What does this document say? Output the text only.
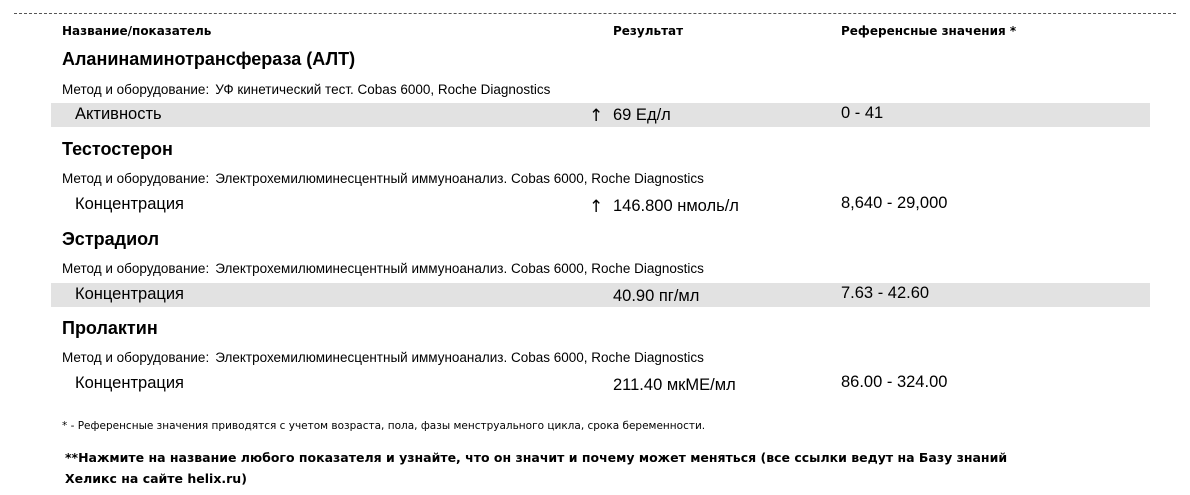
Название/показатель	Результат	Референсные значения *
Аланинаминотрансфераза (АЛТ)
Метод и оборудование: УФ кинетический тест. Cobas 6000, Roche Diagnostics
Активность	↑ 69 Ед/л	0 - 41
Тестостерон
Метод и оборудование: Электрохемилюминесцентный иммуноанализ. Cobas 6000, Roche Diagnostics
Концентрация	↑ 146.800 нмоль/л	8,640 - 29,000
Эстрадиол
Метод и оборудование: Электрохемилюминесцентный иммуноанализ. Cobas 6000, Roche Diagnostics
Концентрация	40.90 пг/мл	7.63 - 42.60
Пролактин
Метод и оборудование: Электрохемилюминесцентный иммуноанализ. Cobas 6000, Roche Diagnostics
Концентрация	211.40 мкМЕ/мл	86.00 - 324.00
* - Референсные значения приводятся с учетом возраста, пола, фазы менструального цикла, срока беременности.
**Нажмите на название любого показателя и узнайте, что он значит и почему может меняться (все ссылки ведут на Базу знаний
Хеликс на сайте helix.ru)
